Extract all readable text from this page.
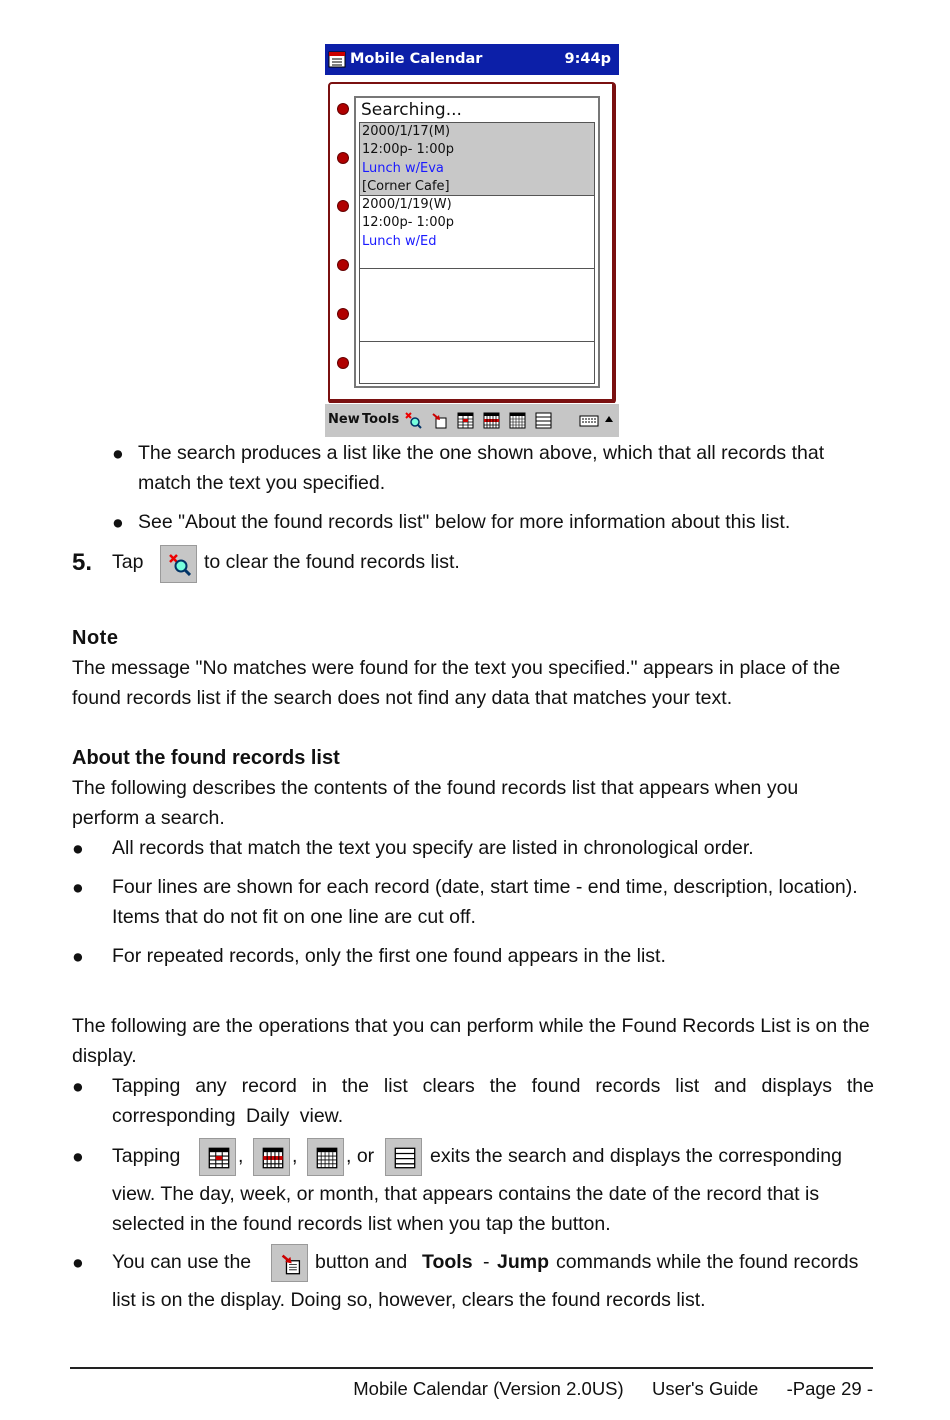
Mobile Calendar	9:44p
Searching...
2000/1/17(M)
12:00p- 1:00p
Lunch w/Eva
[Corner Cafe]
2000/1/19(W)
12:00p- 1:00p
Lunch w/Ed
New Tools
● The search produces a list like the one shown above, which that all records that match the text you specified.
● See "About the found records list" below for more information about this list.
5. Tap	to clear the found records list.
Note
The message "No matches were found for the text you specified." appears in place of the found records list if the search does not find any data that matches your text.
About the found records list
The following describes the contents of the found records list that appears when you perform a search.
● All records that match the text you specify are listed in chronological order.
● Four lines are shown for each record (date, start time - end time, description, location). Items that do not fit on one line are cut off.
● For repeated records, only the first one found appears in the list.
The following are the operations that you can perform while the Found Records List is on the display.
● Tapping any record in the list clears the found records list and displays the corresponding Daily view.
● Tapping	, , , or	exits the search and displays the corresponding
view. The day, week, or month, that appears contains the date of the record that is selected in the found records list when you tap the button.
● You can use the	button and Tools - Jump commands while the found records
list is on the display. Doing so, however, clears the found records list.
Mobile Calendar (Version 2.0US) User's Guide -Page 29 -
